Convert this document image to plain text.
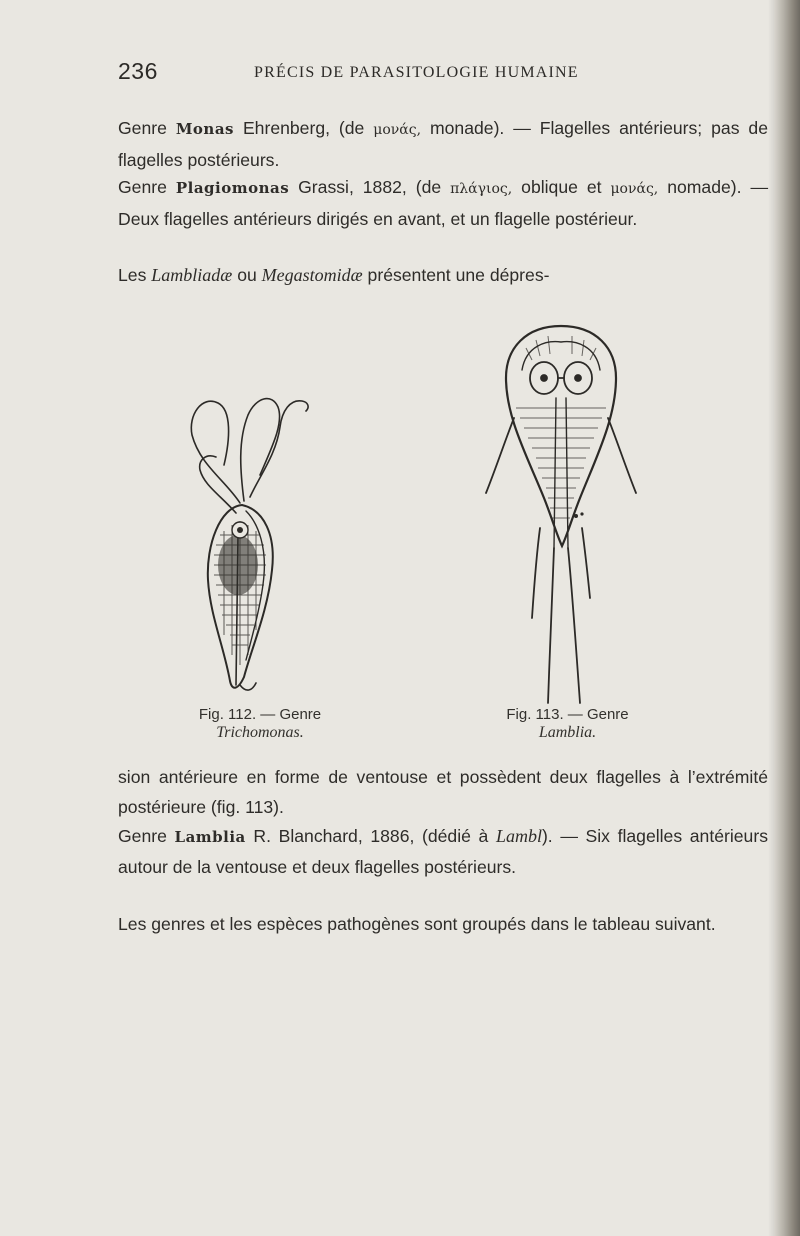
236	PRÉCIS DE PARASITOLOGIE HUMAINE

Genre Monas Ehrenberg, (de μονάς, monade). — Flagelles antérieurs; pas de flagelles postérieurs.

Genre Plagiomonas Grassi, 1882, (de πλάγιος, oblique et μονάς, nomade). — Deux flagelles antérieurs dirigés en avant, et un flagelle postérieur.

Les Lambliadæ ou Megastomidæ présentent une dépres-

Fig. 112. — Genre
Trichomonas.
Fig. 113. — Genre
Lamblia.

sion antérieure en forme de ventouse et possèdent deux flagelles à l’extrémité postérieure (fig. 113).

Genre Lamblia R. Blanchard, 1886, (dédié à Lambl). — Six flagelles antérieurs autour de la ventouse et deux flagelles postérieurs.

Les genres et les espèces pathogènes sont groupés dans le tableau suivant.
